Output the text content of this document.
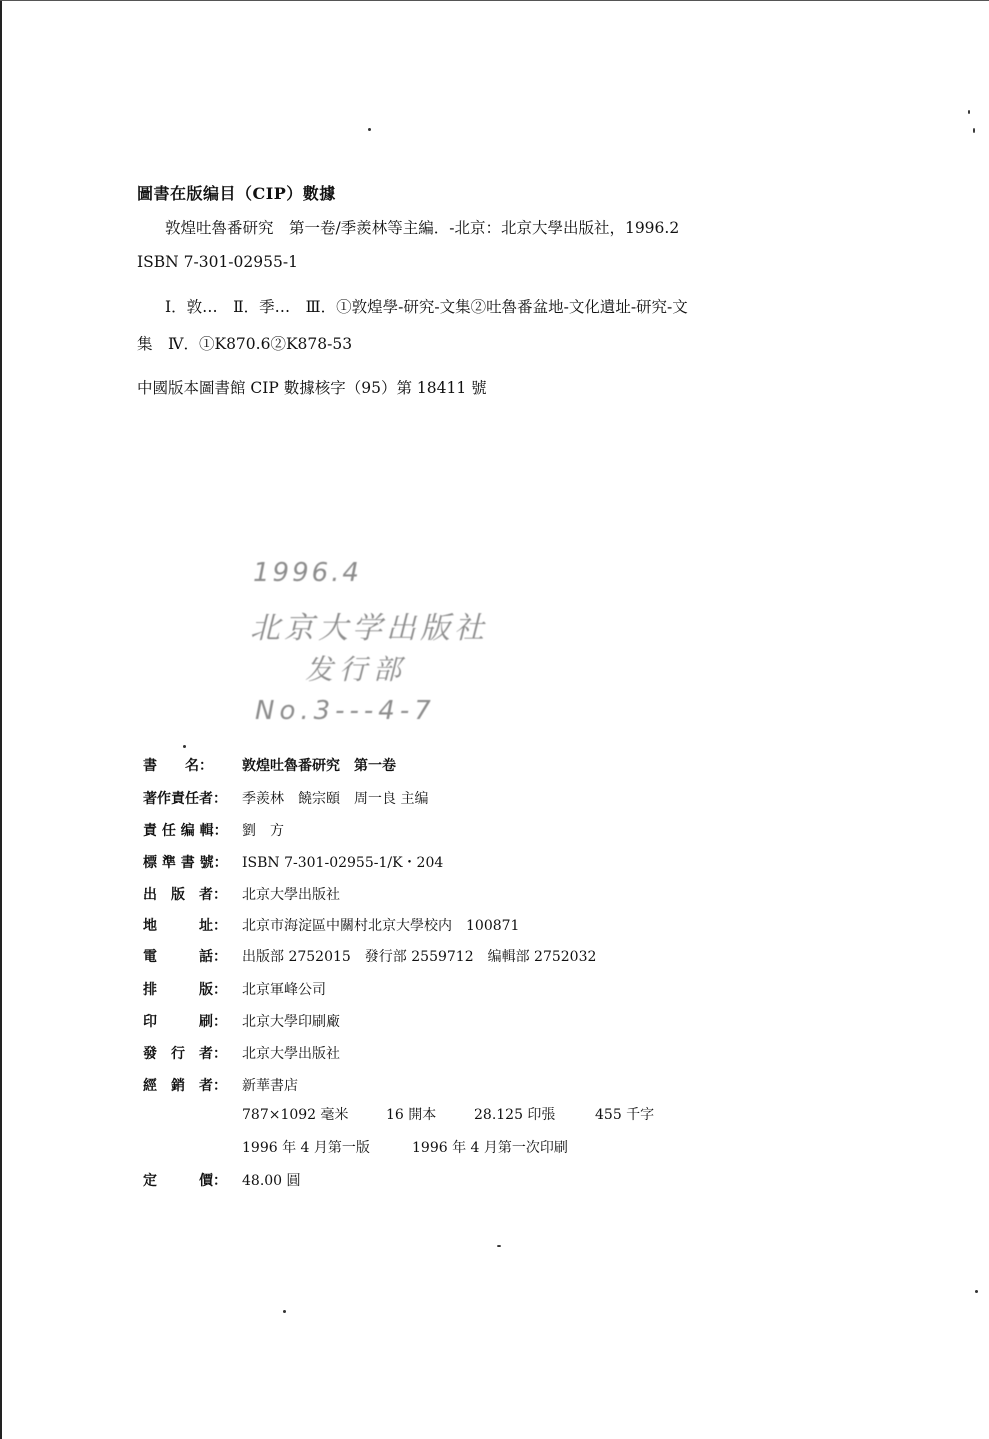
圖書在版编目（CIP）數據
敦煌吐魯番研究　第一卷/季羨林等主編．-北京：北京大學出版社，1996.2
ISBN 7-301-02955-1
Ⅰ．敦…　Ⅱ．季…　Ⅲ．①敦煌學-研究-文集②吐魯番盆地-文化遺址-研究-文
集　Ⅳ．①K870.6②K878-53
中國版本圖書館 CIP 數據核字（95）第 18411 號
1996.4
北京大学出版社
发行部
No.3---4-7
書　　名：	敦煌吐魯番研究　第一卷
著作責任者：	季羨林　饒宗頤　周一良 主编
責 任 编 輯：	劉　方
標 準 書 號：	ISBN 7-301-02955-1/K・204
出　版　者：	北京大學出版社
地　　　址：	北京市海淀區中關村北京大學校内　100871
電　　　話：	出版部 2752015　發行部 2559712　编輯部 2752032
排　　　版：	北京軍峰公司
印　　　刷：	北京大學印刷廠
發　行　者：	北京大學出版社
經　銷　者：	新華書店
787×1092 毫米	16 開本	28.125 印張	455 千字
1996 年 4 月第一版	1996 年 4 月第一次印刷
定　　　價：	48.00 圓
